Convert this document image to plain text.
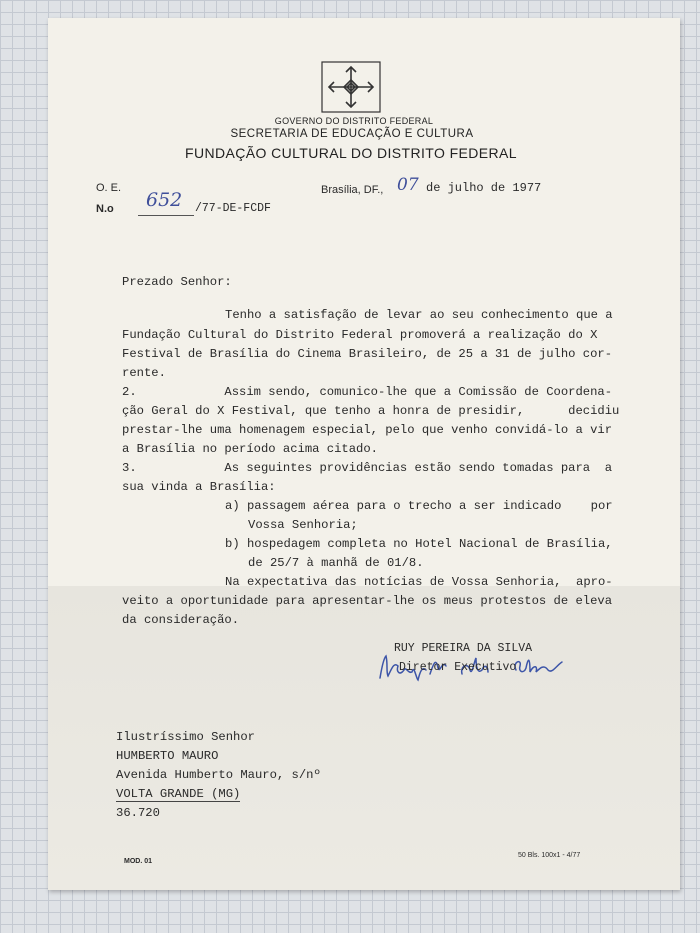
GOVERNO DO DISTRITO FEDERAL
SECRETARIA DE EDUCAÇÃO E CULTURA
FUNDAÇÃO CULTURAL DO DISTRITO FEDERAL
O. E.
N.o 652 /77-DE-FCDF
Brasília, DF., 07 de julho de 1977
Prezado Senhor:
Tenho a satisfação de levar ao seu conhecimento que a
Fundação Cultural do Distrito Federal promoverá a realização do X
Festival de Brasília do Cinema Brasileiro, de 25 a 31 de julho cor-
rente.
2.            Assim sendo, comunico-lhe que a Comissão de Coordena-
ção Geral do X Festival, que tenho a honra de presidir,      decidiu
prestar-lhe uma homenagem especial, pelo que venho convidá-lo a vir
a Brasília no período acima citado.
3.            As seguintes providências estão sendo tomadas para  a
sua vinda a Brasília:
a) passagem aérea para o trecho a ser indicado    por
Vossa Senhoria;
b) hospedagem completa no Hotel Nacional de Brasília,
de 25/7 à manhã de 01/8.
Na expectativa das notícias de Vossa Senhoria,  apro-
veito a oportunidade para apresentar-lhe os meus protestos de eleva
da consideração.

RUY PEREIRA DA SILVA
Diretor Executivo
Ilustríssimo Senhor
HUMBERTO MAURO
Avenida Humberto Mauro, s/nº
VOLTA GRANDE (MG)
36.720
MOD. 01
50 Bls. 100x1 - 4/77
